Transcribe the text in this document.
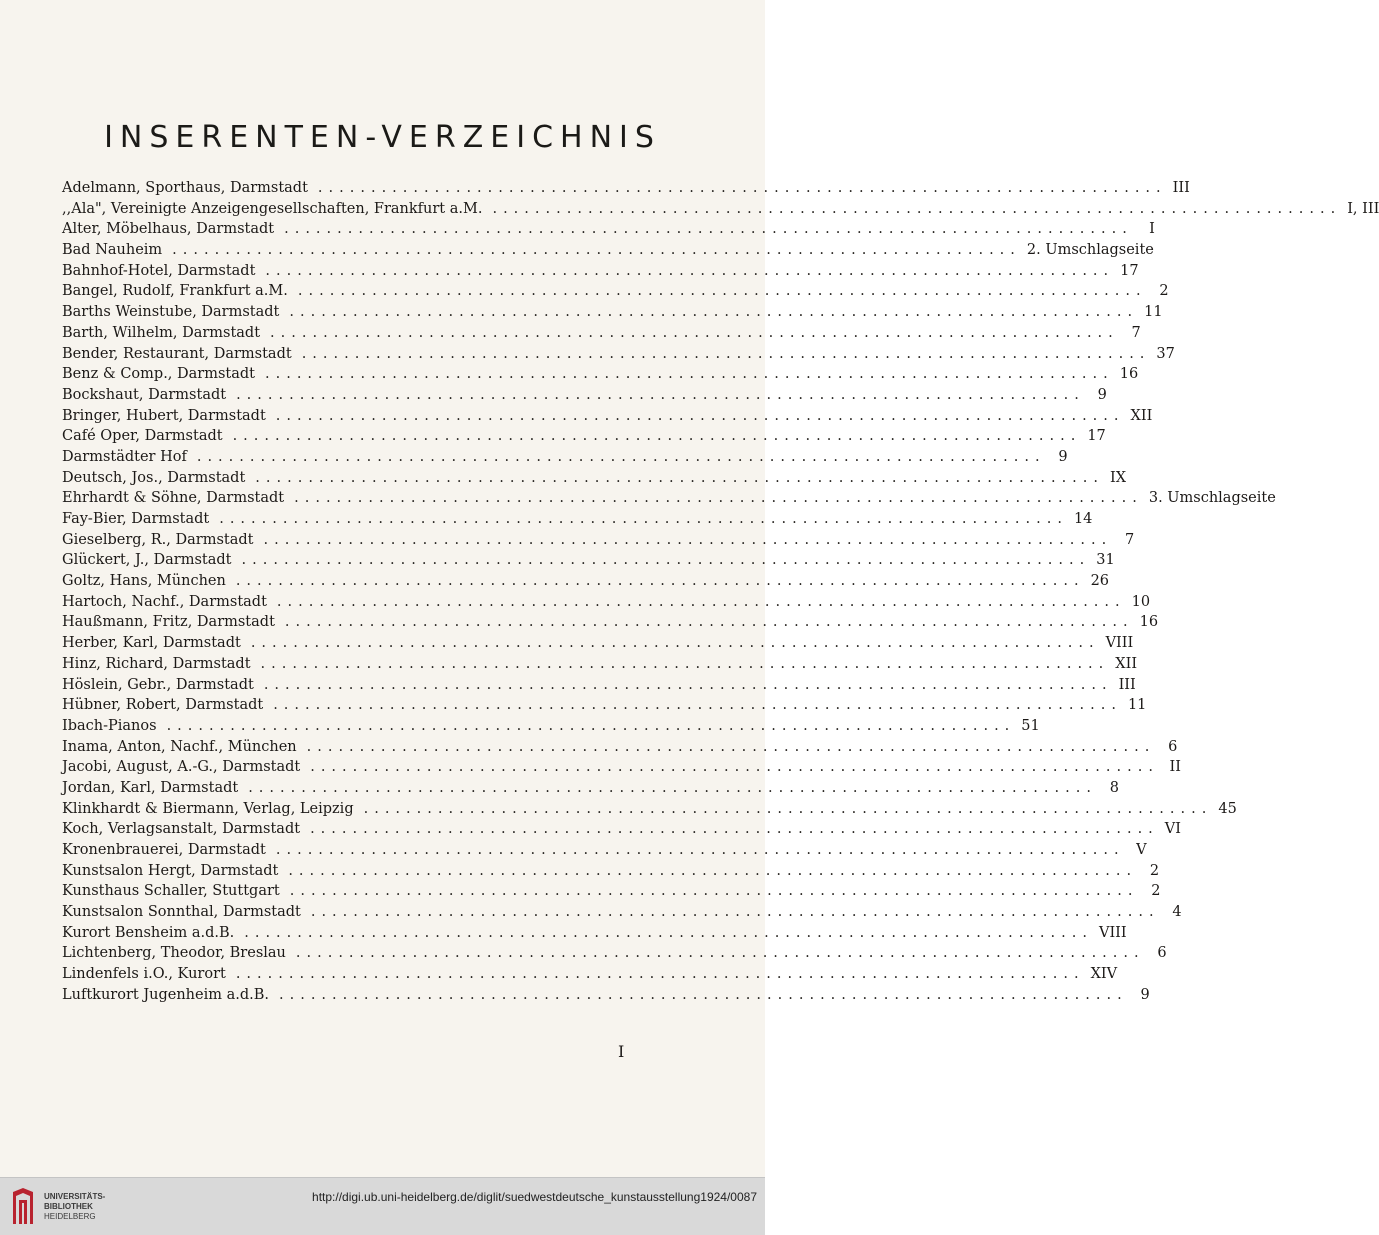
INSERENTEN-VERZEICHNIS
Adelmann, Sporthaus, Darmstadt ................................................................................ III
,,Ala", Vereinigte Anzeigengesellschaften, Frankfurt a.M. ................................................................................ I, III
Alter, Möbelhaus, Darmstadt ................................................................................	I
Bad Nauheim ................................................................................ 2. Umschlagseite
Bahnhof-Hotel, Darmstadt ................................................................................ 17
Bangel, Rudolf, Frankfurt a.M. ................................................................................ 2
Barths Weinstube, Darmstadt ................................................................................ 11
Barth, Wilhelm, Darmstadt ................................................................................ 7
Bender, Restaurant, Darmstadt ................................................................................ 37
Benz & Comp., Darmstadt ................................................................................ 16
Bockshaut, Darmstadt ................................................................................ 9
Bringer, Hubert, Darmstadt ................................................................................ XII
Café Oper, Darmstadt ................................................................................ 17
Darmstädter Hof ................................................................................ 9
Deutsch, Jos., Darmstadt ................................................................................ IX
Ehrhardt & Söhne, Darmstadt ................................................................................ 3. Umschlagseite
Fay-Bier, Darmstadt ................................................................................ 14
Gieselberg, R., Darmstadt ................................................................................ 7
Glückert, J., Darmstadt ................................................................................ 31
Goltz, Hans, München ................................................................................ 26
Hartoch, Nachf., Darmstadt ................................................................................ 10
Haußmann, Fritz, Darmstadt ................................................................................ 16
Herber, Karl, Darmstadt ................................................................................ VIII
Hinz, Richard, Darmstadt ................................................................................ XII
Höslein, Gebr., Darmstadt ................................................................................ III
Hübner, Robert, Darmstadt ................................................................................ 11
Ibach-Pianos ................................................................................ 51
Inama, Anton, Nachf., München ................................................................................ 6
Jacobi, August, A.-G., Darmstadt ................................................................................ II
Jordan, Karl, Darmstadt ................................................................................ 8
Klinkhardt & Biermann, Verlag, Leipzig ................................................................................ 45
Koch, Verlagsanstalt, Darmstadt ................................................................................ VI
Kronenbrauerei, Darmstadt ................................................................................ V
Kunstsalon Hergt, Darmstadt ................................................................................ 2
Kunsthaus Schaller, Stuttgart ................................................................................ 2
Kunstsalon Sonnthal, Darmstadt ................................................................................ 4
Kurort Bensheim a.d.B. ................................................................................ VIII
Lichtenberg, Theodor, Breslau ................................................................................ 6
Lindenfels i.O., Kurort ................................................................................ XIV
Luftkurort Jugenheim a.d.B. ................................................................................ 9
I
UNIVERSITÄTS-
BIBLIOTHEK
HEIDELBERG
http://digi.ub.uni-heidelberg.de/diglit/suedwestdeutsche_kunstausstellung1924/0087
